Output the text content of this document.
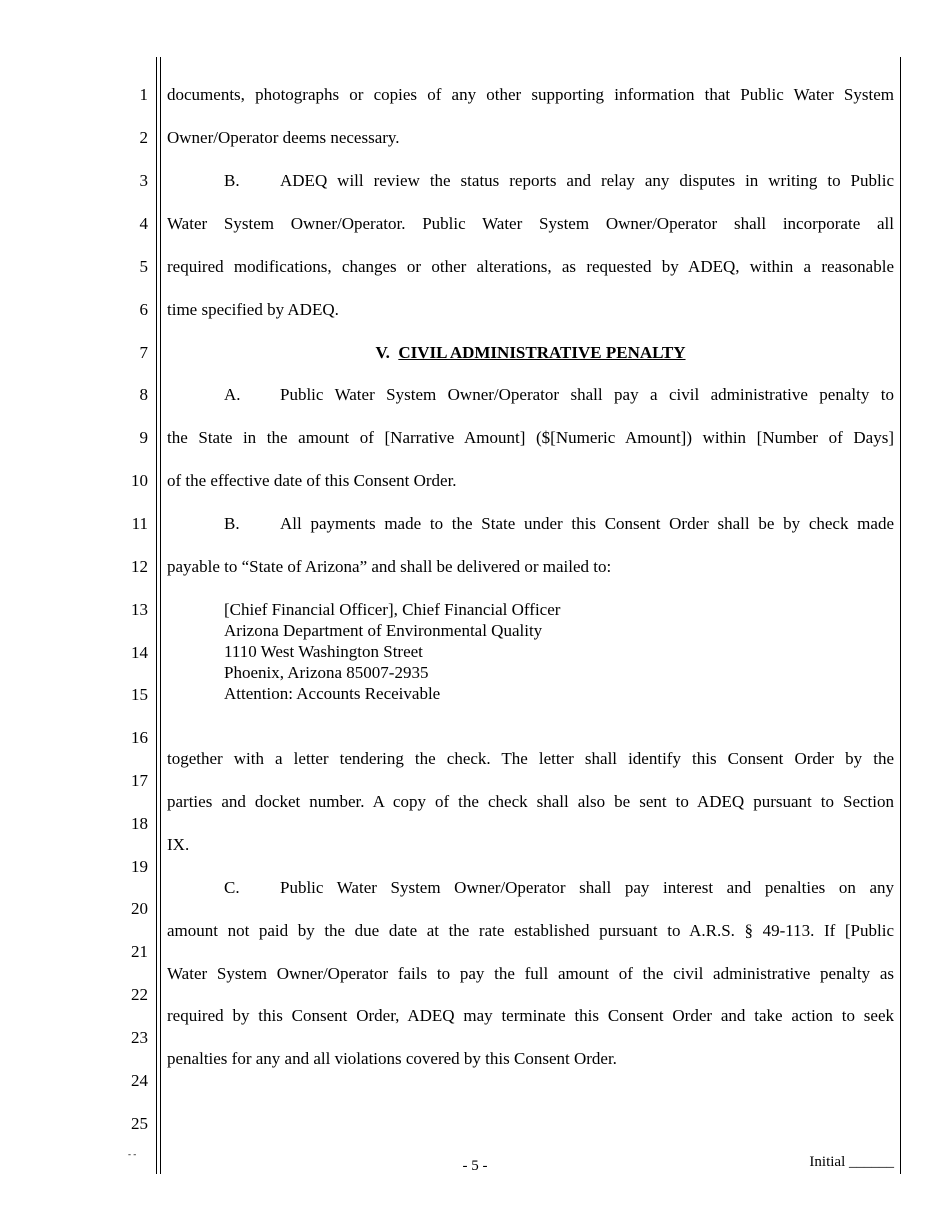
1
2
3
4
5
6
7
8
9
10
11
12
13
14
15
16
17
18
19
20
21
22
23
24
25
- -
documents, photographs or copies of any other supporting information that Public Water System
Owner/Operator deems necessary.
B. ADEQ will review the status reports and relay any disputes in writing to Public
Water System Owner/Operator. Public Water System Owner/Operator shall incorporate all
required modifications, changes or other alterations, as requested by ADEQ, within a reasonable
time specified by ADEQ.
V. CIVIL ADMINISTRATIVE PENALTY
A. Public Water System Owner/Operator shall pay a civil administrative penalty to
the State in the amount of [Narrative Amount] ($[Numeric Amount]) within [Number of Days]
of the effective date of this Consent Order.
B. All payments made to the State under this Consent Order shall be by check made
payable to “State of Arizona” and shall be delivered or mailed to:
[Chief Financial Officer], Chief Financial Officer
Arizona Department of Environmental Quality
1110 West Washington Street
Phoenix, Arizona 85007-2935
Attention: Accounts Receivable
together with a letter tendering the check. The letter shall identify this Consent Order by the
parties and docket number. A copy of the check shall also be sent to ADEQ pursuant to Section
IX.
C. Public Water System Owner/Operator shall pay interest and penalties on any
amount not paid by the due date at the rate established pursuant to A.R.S. § 49-113. If [Public
Water System Owner/Operator fails to pay the full amount of the civil administrative penalty as
required by this Consent Order, ADEQ may terminate this Consent Order and take action to seek
penalties for any and all violations covered by this Consent Order.
- 5 -	Initial ______
